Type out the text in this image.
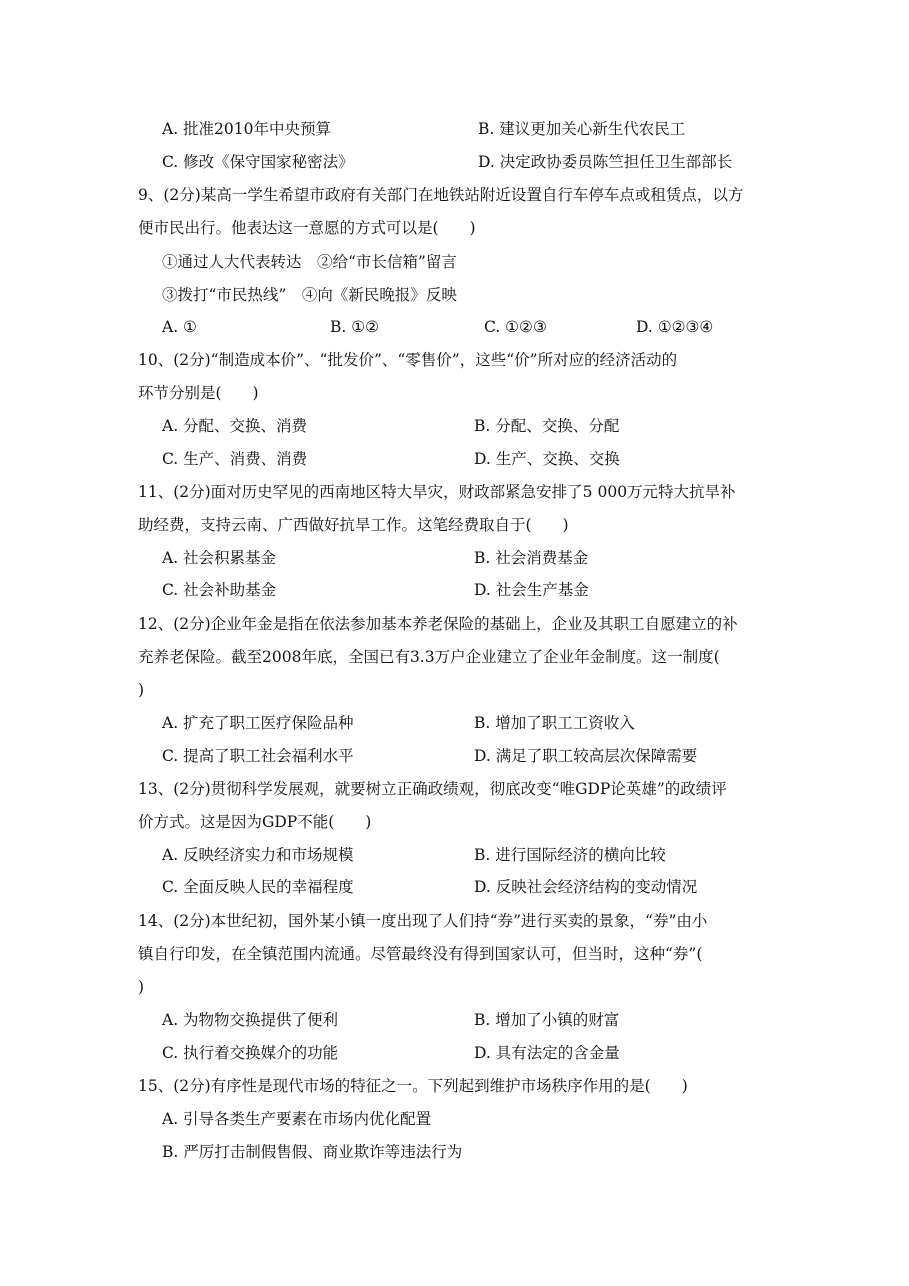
A. 批准2010年中央预算	B. 建议更加关心新生代农民工
C. 修改《保守国家秘密法》	D. 决定政协委员陈竺担任卫生部部长
9、(2分)某高一学生希望市政府有关部门在地铁站附近设置自行车停车点或租赁点，以方
便市民出行。他表达这一意愿的方式可以是(　　)
①通过人大代表转达　②给“市长信箱”留言
③拨打“市民热线”　④向《新民晚报》反映
A. ①	B. ①②	C. ①②③	D. ①②③④
10、(2分)“制造成本价”、“批发价”、“零售价”，这些“价”所对应的经济活动的
环节分别是(　　)
A. 分配、交换、消费	B. 分配、交换、分配
C. 生产、消费、消费	D. 生产、交换、交换
11、(2分)面对历史罕见的西南地区特大旱灾，财政部紧急安排了5 000万元特大抗旱补
助经费，支持云南、广西做好抗旱工作。这笔经费取自于(　　)
A. 社会积累基金	B. 社会消费基金
C. 社会补助基金	D. 社会生产基金
12、(2分)企业年金是指在依法参加基本养老保险的基础上，企业及其职工自愿建立的补
充养老保险。截至2008年底，全国已有3.3万户企业建立了企业年金制度。这一制度(
)
A. 扩充了职工医疗保险品种	B. 增加了职工工资收入
C. 提高了职工社会福利水平	D. 满足了职工较高层次保障需要
13、(2分)贯彻科学发展观，就要树立正确政绩观，彻底改变“唯GDP论英雄”的政绩评
价方式。这是因为GDP不能(　　)
A. 反映经济实力和市场规模	B. 进行国际经济的横向比较
C. 全面反映人民的幸福程度	D. 反映社会经济结构的变动情况
14、(2分)本世纪初，国外某小镇一度出现了人们持“券”进行买卖的景象，“券”由小
镇自行印发，在全镇范围内流通。尽管最终没有得到国家认可，但当时，这种“券”(
)
A. 为物物交换提供了便利	B. 增加了小镇的财富
C. 执行着交换媒介的功能	D. 具有法定的含金量
15、(2分)有序性是现代市场的特征之一。下列起到维护市场秩序作用的是(　　)
A. 引导各类生产要素在市场内优化配置
B. 严厉打击制假售假、商业欺诈等违法行为
